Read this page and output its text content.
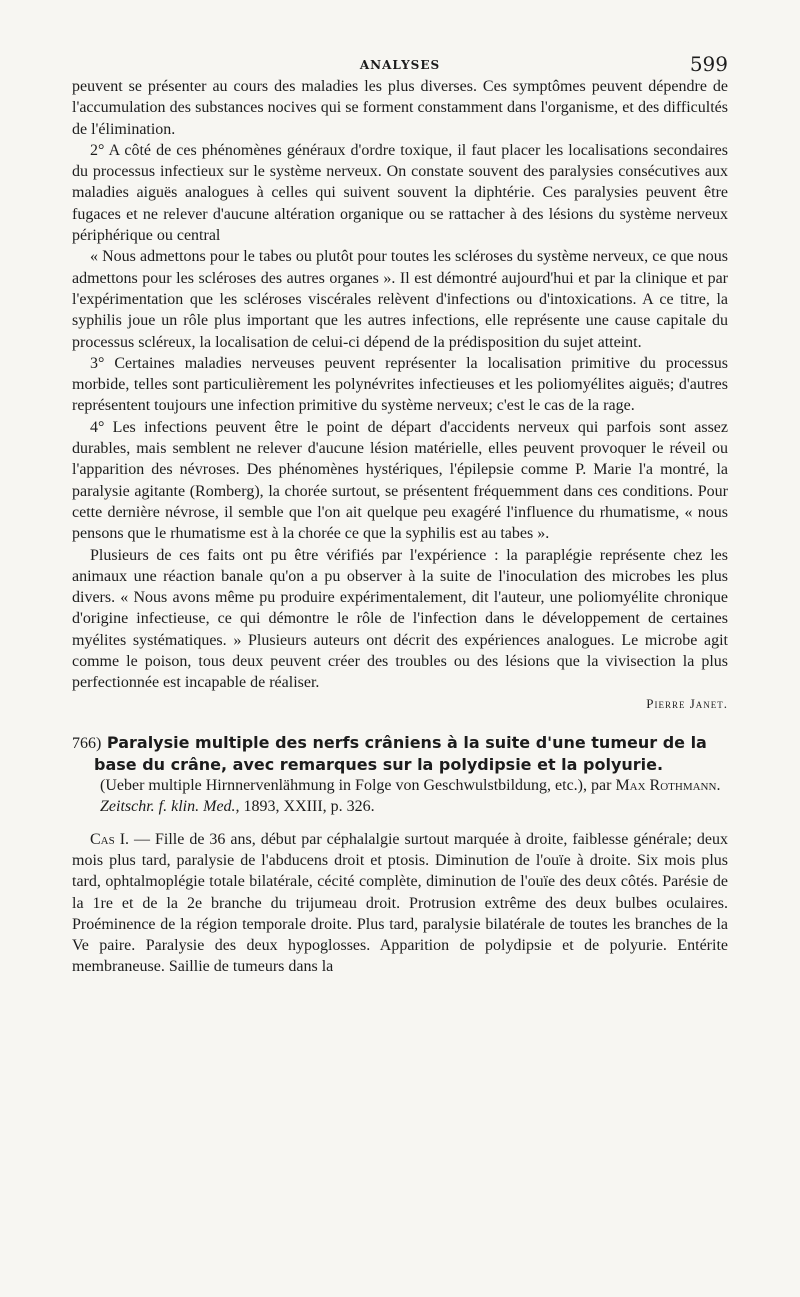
ANALYSES	599

peuvent se présenter au cours des maladies les plus diverses. Ces symptômes peuvent dépendre de l'accumulation des substances nocives qui se forment constamment dans l'organisme, et des difficultés de l'élimination.

2° A côté de ces phénomènes généraux d'ordre toxique, il faut placer les localisations secondaires du processus infectieux sur le système nerveux. On constate souvent des paralysies consécutives aux maladies aiguës analogues à celles qui suivent souvent la diphtérie. Ces paralysies peuvent être fugaces et ne relever d'aucune altération organique ou se rattacher à des lésions du système nerveux périphérique ou central

« Nous admettons pour le tabes ou plutôt pour toutes les scléroses du système nerveux, ce que nous admettons pour les scléroses des autres organes ». Il est démontré aujourd'hui et par la clinique et par l'expérimentation que les scléroses viscérales relèvent d'infections ou d'intoxications. A ce titre, la syphilis joue un rôle plus important que les autres infections, elle représente une cause capitale du processus scléreux, la localisation de celui-ci dépend de la prédisposition du sujet atteint.

3° Certaines maladies nerveuses peuvent représenter la localisation primitive du processus morbide, telles sont particulièrement les polynévrites infectieuses et les poliomyélites aiguës; d'autres représentent toujours une infection primitive du système nerveux; c'est le cas de la rage.

4° Les infections peuvent être le point de départ d'accidents nerveux qui parfois sont assez durables, mais semblent ne relever d'aucune lésion matérielle, elles peuvent provoquer le réveil ou l'apparition des névroses. Des phénomènes hystériques, l'épilepsie comme P. Marie l'a montré, la paralysie agitante (Romberg), la chorée surtout, se présentent fréquemment dans ces conditions. Pour cette dernière névrose, il semble que l'on ait quelque peu exagéré l'influence du rhumatisme, « nous pensons que le rhumatisme est à la chorée ce que la syphilis est au tabes ».

Plusieurs de ces faits ont pu être vérifiés par l'expérience : la paraplégie représente chez les animaux une réaction banale qu'on a pu observer à la suite de l'inoculation des microbes les plus divers. « Nous avons même pu produire expérimentalement, dit l'auteur, une poliomyélite chronique d'origine infectieuse, ce qui démontre le rôle de l'infection dans le développement de certaines myélites systématiques. » Plusieurs auteurs ont décrit des expériences analogues. Le microbe agit comme le poison, tous deux peuvent créer des troubles ou des lésions que la vivisection la plus perfectionnée est incapable de réaliser.

Pierre Janet.
766) Paralysie multiple des nerfs crâniens à la suite d'une tumeur de la base du crâne, avec remarques sur la polydipsie et la polyurie.
(Ueber multiple Hirnnervenlähmung in Folge von Geschwulstbildung, etc.), par Max Rothmann. Zeitschr. f. klin. Med., 1893, XXIII, p. 326.

Cas I. — Fille de 36 ans, début par céphalalgie surtout marquée à droite, faiblesse générale; deux mois plus tard, paralysie de l'abducens droit et ptosis. Diminution de l'ouïe à droite. Six mois plus tard, ophtalmoplégie totale bilatérale, cécité complète, diminution de l'ouïe des deux côtés. Parésie de la 1re et de la 2e branche du trijumeau droit. Protrusion extrême des deux bulbes oculaires. Proéminence de la région temporale droite. Plus tard, paralysie bilatérale de toutes les branches de la Ve paire. Paralysie des deux hypoglosses. Apparition de polydipsie et de polyurie. Entérite membraneuse. Saillie de tumeurs dans la
